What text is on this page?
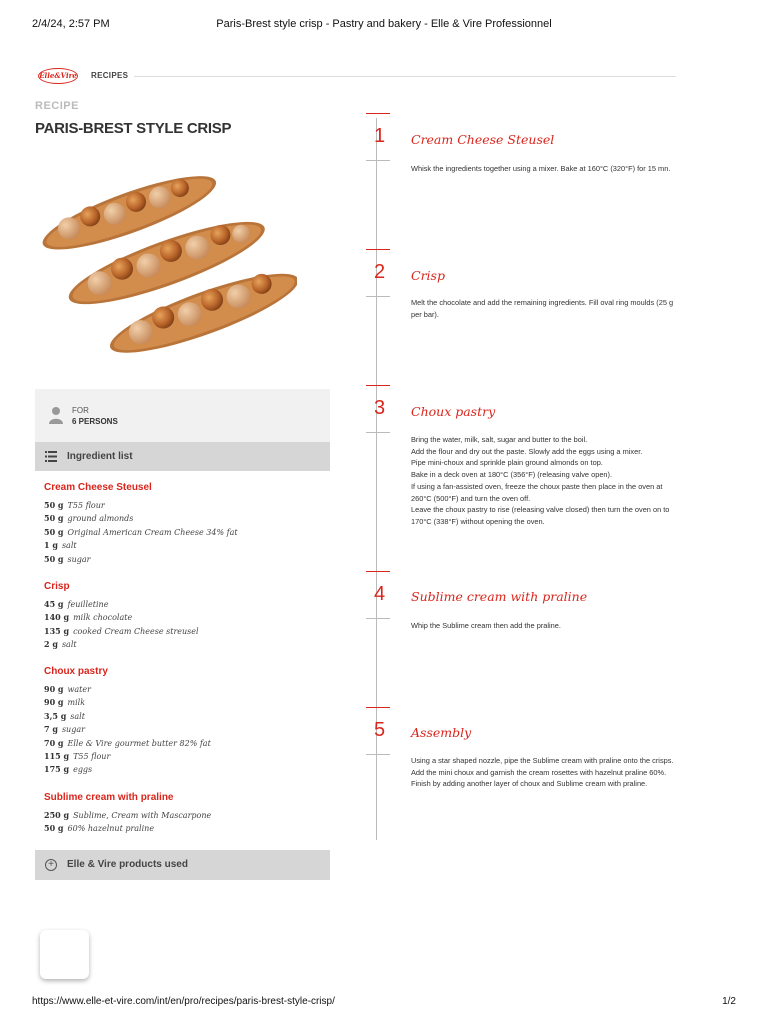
2/4/24, 2:57 PM	Paris-Brest style crisp - Pastry and bakery - Elle & Vire Professionnel
Elle&Vire RECIPES
RECIPE
PARIS-BREST STYLE CRISP
FOR
6 PERSONS
Ingredient list
Cream Cheese Steusel
50 g T55 flour
50 g ground almonds
50 g Original American Cream Cheese 34% fat
1 g salt
50 g sugar
Crisp
45 g feuilletine
140 g milk chocolate
135 g cooked Cream Cheese streusel
2 g salt
Choux pastry
90 g water
90 g milk
3,5 g salt
7 g sugar
70 g Elle & Vire gourmet butter 82% fat
115 g T55 flour
175 g eggs
Sublime cream with praline
250 g Sublime, Cream with Mascarpone
50 g 60% hazelnut praline
+	Elle & Vire products used
1 Cream Cheese Steusel
Whisk the ingredients together using a mixer. Bake at 160°C (320°F) for 15 mn.
2 Crisp
Melt the chocolate and add the remaining ingredients. Fill oval ring moulds (25 g per bar).
3 Choux pastry
Bring the water, milk, salt, sugar and butter to the boil.
Add the flour and dry out the paste. Slowly add the eggs using a mixer.
Pipe mini-choux and sprinkle plain ground almonds on top.
Bake in a deck oven at 180°C (356°F) (releasing valve open).
If using a fan-assisted oven, freeze the choux paste then place in the oven at 260°C (500°F) and turn the oven off.
Leave the choux pastry to rise (releasing valve closed) then turn the oven on to 170°C (338°F) without opening the oven.
4 Sublime cream with praline
Whip the Sublime cream then add the praline.
5 Assembly
Using a star shaped nozzle, pipe the Sublime cream with praline onto the crisps. Add the mini choux and garnish the cream rosettes with hazelnut praline 60%. Finish by adding another layer of choux and Sublime cream with praline.
https://www.elle-et-vire.com/int/en/pro/recipes/paris-brest-style-crisp/	1/2
